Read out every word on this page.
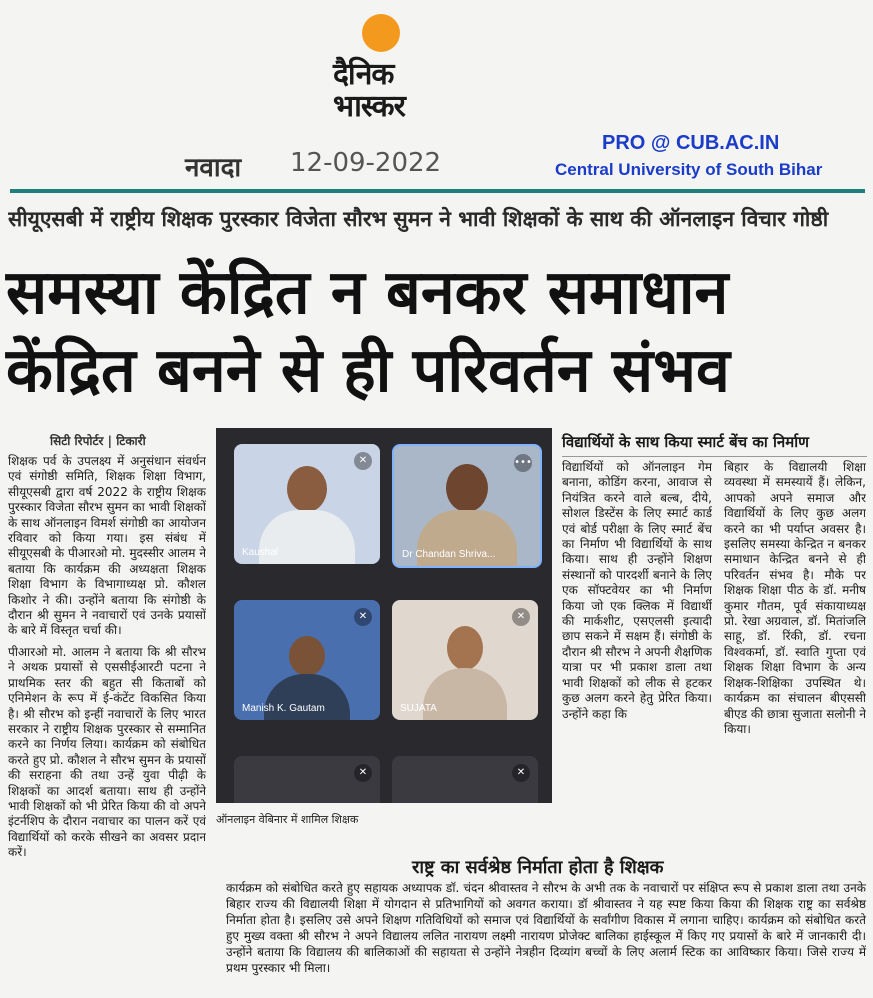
दैनिक
भास्कर
नवादा 12-09-2022
PRO @ CUB.AC.IN
Central University of South Bihar
सीयूएसबी में राष्ट्रीय शिक्षक पुरस्कार विजेता सौरभ सुमन ने भावी शिक्षकों के साथ की ऑनलाइन विचार गोष्ठी
समस्या केंद्रित न बनकर समाधान
केंद्रित बनने से ही परिवर्तन संभव
सिटी रिपोर्टर | टिकारी

शिक्षक पर्व के उपलक्ष्य में अनुसंधान संवर्धन एवं संगोष्ठी समिति, शिक्षक शिक्षा विभाग, सीयूएसबी द्वारा वर्ष 2022 के राष्ट्रीय शिक्षक पुरस्कार विजेता सौरभ सुमन का भावी शिक्षकों के साथ ऑनलाइन विमर्श संगोष्ठी का आयोजन रविवार को किया गया। इस संबंध में सीयूएसबी के पीआरओ मो. मुदस्सीर आलम ने बताया कि कार्यक्रम की अध्यक्षता शिक्षक शिक्षा विभाग के विभागाध्यक्ष प्रो. कौशल किशोर ने की। उन्होंने बताया कि संगोष्ठी के दौरान श्री सुमन ने नवाचारों एवं उनके प्रयासों के बारे में विस्तृत चर्चा की।

पीआरओ मो. आलम ने बताया कि श्री सौरभ ने अथक प्रयासों से एससीईआरटी पटना ने प्राथमिक स्तर की बहुत सी किताबों को एनिमेशन के रूप में ई-कंटेंट विकसित किया है। श्री सौरभ को इन्हीं नवाचारों के लिए भारत सरकार ने राष्ट्रीय शिक्षक पुरस्कार से सम्मानित करने का निर्णय लिया। कार्यक्रम को संबोधित करते हुए प्रो. कौशल ने सौरभ सुमन के प्रयासों की सराहना की तथा उन्हें युवा पीढ़ी के शिक्षकों का आदर्श बताया। साथ ही उन्होंने भावी शिक्षकों को भी प्रेरित किया की वो अपने इंटर्नशिप के दौरान नवाचार का पालन करें एवं विद्यार्थियों को करके सीखने का अवसर प्रदान करें।

✕
Kaushal
•••
Dr Chandan Shriva...
✕
Manish K. Gautam
✕
SUJATA
✕	✕
ऑनलाइन वेबिनार में शामिल शिक्षक
विद्यार्थियों के साथ किया स्मार्ट बेंच का निर्माण

विद्यार्थियों को ऑनलाइन गेम बनाना, कोडिंग करना, आवाज से नियंत्रित करने वाले बल्ब, दीये, सोशल डिस्टेंस के लिए स्मार्ट कार्ड एवं बोर्ड परीक्षा के लिए स्मार्ट बेंच का निर्माण भी विद्यार्थियों के साथ किया। साथ ही उन्होंने शिक्षण संस्थानों को पारदर्शी बनाने के लिए एक सॉफ्टवेयर का भी निर्माण किया जो एक क्लिक में विद्यार्थी की मार्कशीट, एसएलसी इत्यादी छाप सकने में सक्षम हैं। संगोष्ठी के दौरान श्री सौरभ ने अपनी शैक्षणिक यात्रा पर भी प्रकाश डाला तथा भावी शिक्षकों को लीक से हटकर कुछ अलग करने हेतु प्रेरित किया। उन्होंने कहा कि

बिहार के विद्यालयी शिक्षा व्यवस्था में समस्यायें हैं। लेकिन, आपको अपने समाज और विद्यार्थियों के लिए कुछ अलग करने का भी पर्याप्त अवसर है। इसलिए समस्या केन्द्रित न बनकर समाधान केन्द्रित बनने से ही परिवर्तन संभव है। मौके पर शिक्षक शिक्षा पीठ के डॉ. मनीष कुमार गौतम, पूर्व संकायाध्यक्ष प्रो. रेखा अग्रवाल, डॉ. मितांजलि साहू, डॉ. रिंकी, डॉ. रचना विश्वकर्मा, डॉ. स्वाति गुप्ता एवं शिक्षक शिक्षा विभाग के अन्य शिक्षक-शिक्षिका उपस्थित थे। कार्यक्रम का संचालन बीएससी बीएड की छात्रा सुजाता सलोनी ने किया।

राष्ट्र का सर्वश्रेष्ठ निर्माता होता है शिक्षक

कार्यक्रम को संबोधित करते हुए सहायक अध्यापक डॉ. चंदन श्रीवास्तव ने सौरभ के अभी तक के नवाचारों पर संक्षिप्त रूप से प्रकाश डाला तथा उनके बिहार राज्य की विद्यालयी शिक्षा में योगदान से प्रतिभागियों को अवगत कराया। डॉ श्रीवास्तव ने यह स्पष्ट किया किया की शिक्षक राष्ट्र का सर्वश्रेष्ठ निर्माता होता है। इसलिए उसे अपने शिक्षण गतिविधियों को समाज एवं विद्यार्थियों के सर्वांगीण विकास में लगाना चाहिए। कार्यक्रम को संबोधित करते हुए मुख्य वक्ता श्री सौरभ ने अपने विद्यालय ललित नारायण लक्ष्मी नारायण प्रोजेक्ट बालिका हाईस्कूल में किए गए प्रयासों के बारे में जानकारी दी। उन्होंने बताया कि विद्यालय की बालिकाओं की सहायता से उन्होंने नेत्रहीन दिव्यांग बच्चों के लिए अलार्म स्टिक का आविष्कार किया। जिसे राज्य में प्रथम पुरस्कार भी मिला।
